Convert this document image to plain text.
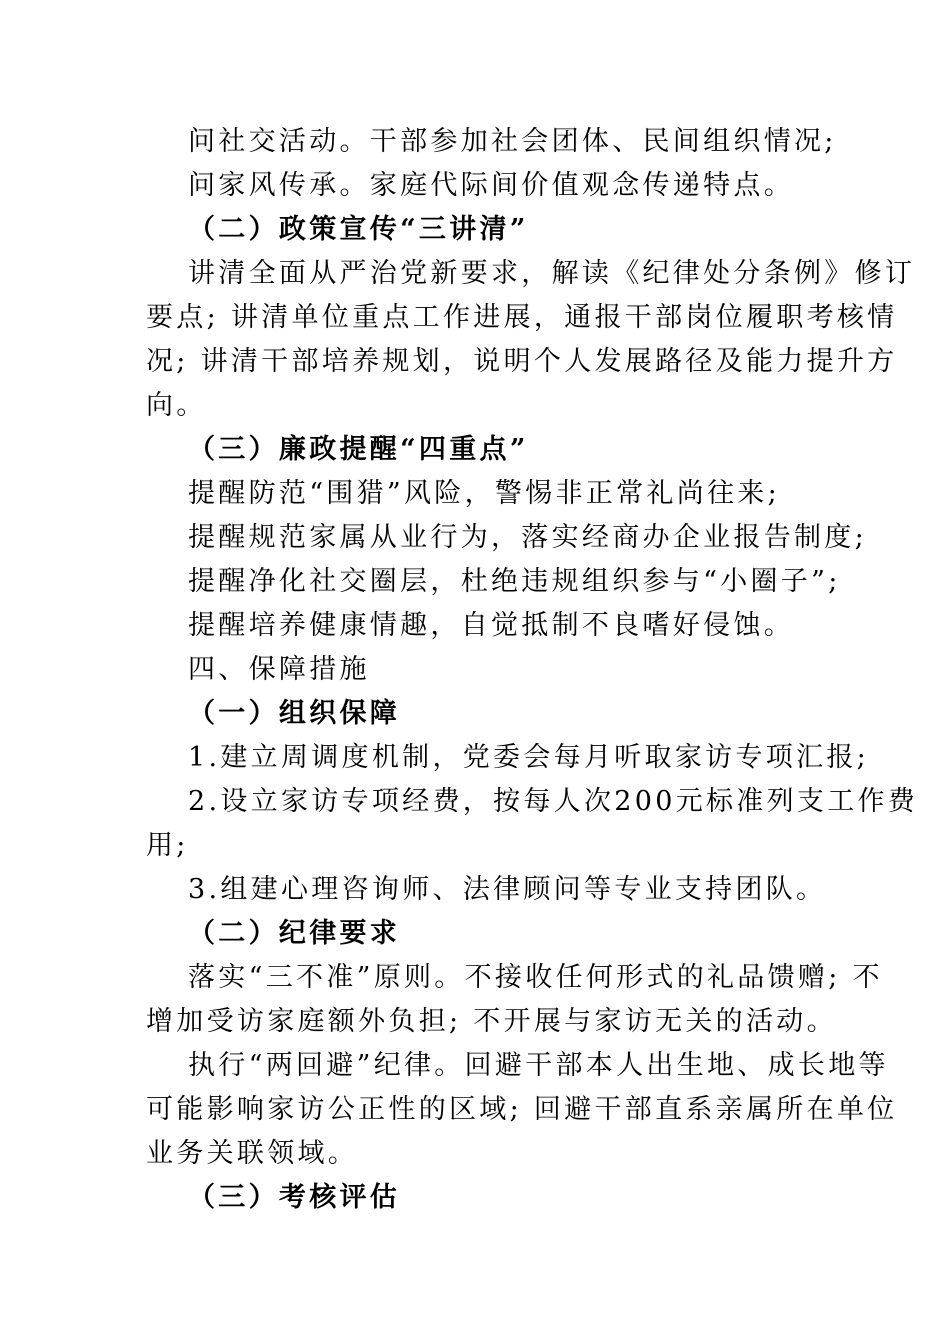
问社交活动。干部参加社会团体、民间组织情况;
问家风传承。家庭代际间价值观念传递特点。
（二）政策宣传“三讲清”
讲清全面从严治党新要求，解读《纪律处分条例》修订
要点; 讲清单位重点工作进展，通报干部岗位履职考核情
况; 讲清干部培养规划，说明个人发展路径及能力提升方
向。
（三）廉政提醒“四重点”
提醒防范“围猎”风险，警惕非正常礼尚往来;
提醒规范家属从业行为，落实经商办企业报告制度;
提醒净化社交圈层，杜绝违规组织参与“小圈子”;
提醒培养健康情趣，自觉抵制不良嗜好侵蚀。
四、保障措施
（一）组织保障
1.建立周调度机制，党委会每月听取家访专项汇报;
2.设立家访专项经费，按每人次200元标准列支工作费
用;
3.组建心理咨询师、法律顾问等专业支持团队。
（二）纪律要求
落实“三不准”原则。不接收任何形式的礼品馈赠; 不
增加受访家庭额外负担; 不开展与家访无关的活动。
执行“两回避”纪律。回避干部本人出生地、成长地等
可能影响家访公正性的区域; 回避干部直系亲属所在单位
业务关联领域。
（三）考核评估
